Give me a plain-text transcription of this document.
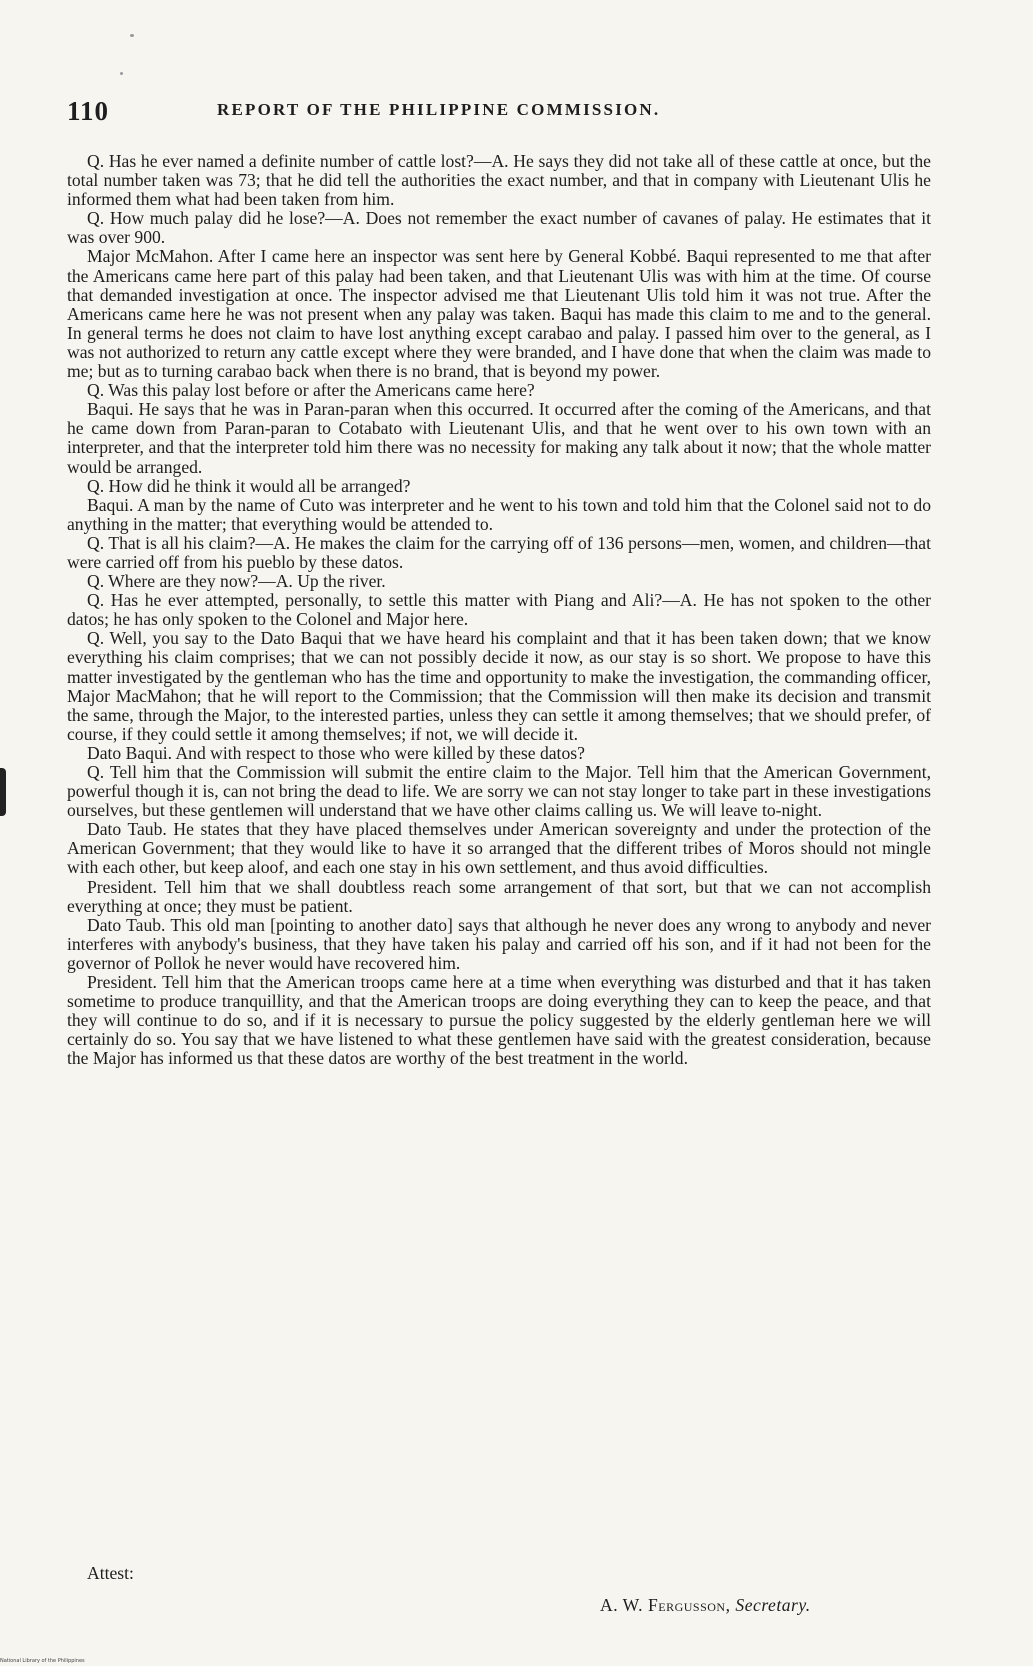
110	REPORT OF THE PHILIPPINE COMMISSION.

Q. Has he ever named a definite number of cattle lost?—A. He says they did not take all of these cattle at once, but the total number taken was 73; that he did tell the authorities the exact number, and that in company with Lieutenant Ulis he informed them what had been taken from him.

Q. How much palay did he lose?—A. Does not remember the exact number of cavanes of palay. He estimates that it was over 900.

Major McMahon. After I came here an inspector was sent here by General Kobbé. Baqui represented to me that after the Americans came here part of this palay had been taken, and that Lieutenant Ulis was with him at the time. Of course that demanded investigation at once. The inspector advised me that Lieutenant Ulis told him it was not true. After the Americans came here he was not present when any palay was taken. Baqui has made this claim to me and to the general. In general terms he does not claim to have lost anything except carabao and palay. I passed him over to the general, as I was not authorized to return any cattle except where they were branded, and I have done that when the claim was made to me; but as to turning carabao back when there is no brand, that is beyond my power.

Q. Was this palay lost before or after the Americans came here?

Baqui. He says that he was in Paran-paran when this occurred. It occurred after the coming of the Americans, and that he came down from Paran-paran to Cotabato with Lieutenant Ulis, and that he went over to his own town with an interpreter, and that the interpreter told him there was no necessity for making any talk about it now; that the whole matter would be arranged.

Q. How did he think it would all be arranged?

Baqui. A man by the name of Cuto was interpreter and he went to his town and told him that the Colonel said not to do anything in the matter; that everything would be attended to.

Q. That is all his claim?—A. He makes the claim for the carrying off of 136 persons—men, women, and children—that were carried off from his pueblo by these datos.

Q. Where are they now?—A. Up the river.

Q. Has he ever attempted, personally, to settle this matter with Piang and Ali?—A. He has not spoken to the other datos; he has only spoken to the Colonel and Major here.

Q. Well, you say to the Dato Baqui that we have heard his complaint and that it has been taken down; that we know everything his claim comprises; that we can not possibly decide it now, as our stay is so short. We propose to have this matter investigated by the gentleman who has the time and opportunity to make the investigation, the commanding officer, Major MacMahon; that he will report to the Commission; that the Commission will then make its decision and transmit the same, through the Major, to the interested parties, unless they can settle it among themselves; that we should prefer, of course, if they could settle it among themselves; if not, we will decide it.

Dato Baqui. And with respect to those who were killed by these datos?

Q. Tell him that the Commission will submit the entire claim to the Major. Tell him that the American Government, powerful though it is, can not bring the dead to life. We are sorry we can not stay longer to take part in these investigations ourselves, but these gentlemen will understand that we have other claims calling us. We will leave to-night.

Dato Taub. He states that they have placed themselves under American sovereignty and under the protection of the American Government; that they would like to have it so arranged that the different tribes of Moros should not mingle with each other, but keep aloof, and each one stay in his own settlement, and thus avoid difficulties.

President. Tell him that we shall doubtless reach some arrangement of that sort, but that we can not accomplish everything at once; they must be patient.

Dato Taub. This old man [pointing to another dato] says that although he never does any wrong to anybody and never interferes with anybody's business, that they have taken his palay and carried off his son, and if it had not been for the governor of Pollok he never would have recovered him.

President. Tell him that the American troops came here at a time when everything was disturbed and that it has taken sometime to produce tranquillity, and that the American troops are doing everything they can to keep the peace, and that they will continue to do so, and if it is necessary to pursue the policy suggested by the elderly gentleman here we will certainly do so. You say that we have listened to what these gentlemen have said with the greatest consideration, because the Major has informed us that these datos are worthy of the best treatment in the world.

Attest:
A. W. Fergusson, Secretary.
National Library of the Philippines
